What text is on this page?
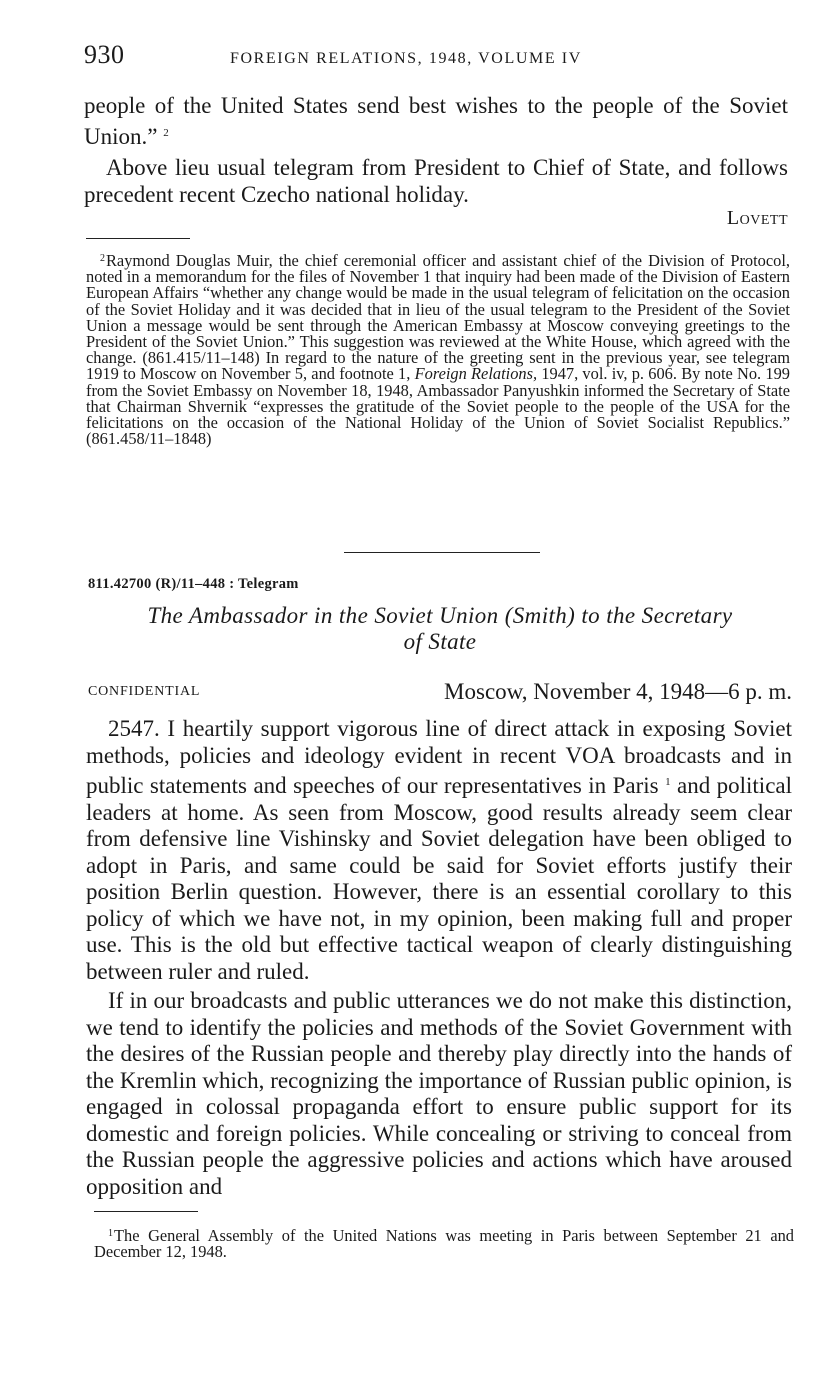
930	FOREIGN RELATIONS, 1948, VOLUME IV

people of the United States send best wishes to the people of the Soviet Union.” $^2$

Above lieu usual telegram from President to Chief of State, and follows precedent recent Czecho national holiday.

Lovett

$^2$Raymond Douglas Muir, the chief ceremonial officer and assistant chief of the Division of Protocol, noted in a memorandum for the files of November 1 that inquiry had been made of the Division of Eastern European Affairs “whether any change would be made in the usual telegram of felicitation on the occasion of the Soviet Holiday and it was decided that in lieu of the usual telegram to the President of the Soviet Union a message would be sent through the American Embassy at Moscow conveying greetings to the President of the Soviet Union.” This suggestion was reviewed at the White House, which agreed with the change. (861.415/11–148) In regard to the nature of the greeting sent in the previous year, see telegram 1919 to Moscow on November 5, and footnote 1, Foreign Relations, 1947, vol. iv, p. 606. By note No. 199 from the Soviet Embassy on November 18, 1948, Ambassador Panyushkin informed the Secretary of State that Chairman Shvernik “expresses the gratitude of the Soviet people to the people of the USA for the felicitations on the occasion of the National Holiday of the Union of Soviet Socialist Republics.” (861.458/11–1848)

811.42700 (R)/11–448 : Telegram
The Ambassador in the Soviet Union (Smith) to the Secretary
of State
CONFIDENTIAL	Moscow, November 4, 1948—6 p. m.

2547. I heartily support vigorous line of direct attack in exposing Soviet methods, policies and ideology evident in recent VOA broadcasts and in public statements and speeches of our representatives in Paris $^1$ and political leaders at home. As seen from Moscow, good results already seem clear from defensive line Vishinsky and Soviet delegation have been obliged to adopt in Paris, and same could be said for Soviet efforts justify their position Berlin question. However, there is an essential corollary to this policy of which we have not, in my opinion, been making full and proper use. This is the old but effective tactical weapon of clearly distinguishing between ruler and ruled.

If in our broadcasts and public utterances we do not make this distinction, we tend to identify the policies and methods of the Soviet Government with the desires of the Russian people and thereby play directly into the hands of the Kremlin which, recognizing the importance of Russian public opinion, is engaged in colossal propaganda effort to ensure public support for its domestic and foreign policies. While concealing or striving to conceal from the Russian people the aggressive policies and actions which have aroused opposition and

$^1$The General Assembly of the United Nations was meeting in Paris between September 21 and December 12, 1948.
